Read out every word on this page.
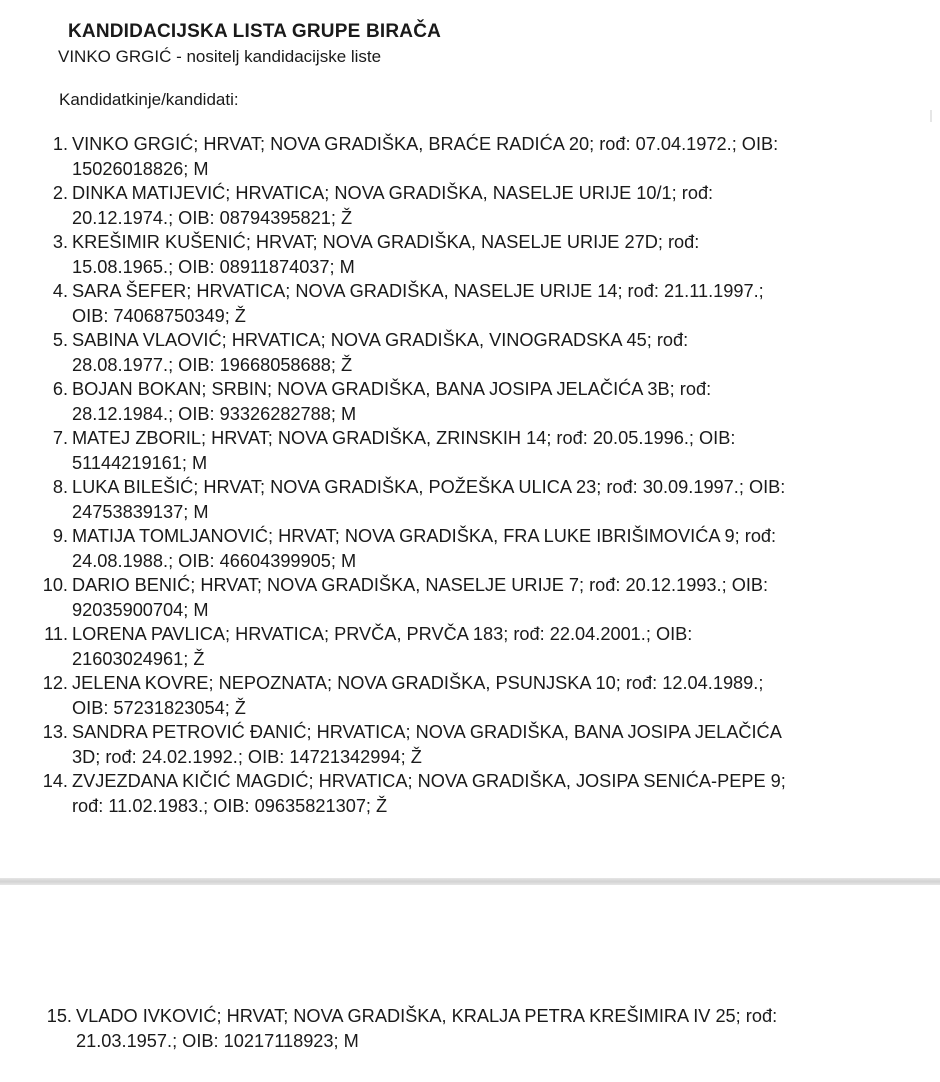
KANDIDACIJSKA LISTA GRUPE BIRAČA

VINKO GRGIĆ - nositelj kandidacijske liste

Kandidatkinje/kandidati:

1. VINKO GRGIĆ; HRVAT; NOVA GRADIŠKA, BRAĆE RADIĆA 20; rođ: 07.04.1972.; OIB:
15026018826; M
2. DINKA MATIJEVIĆ; HRVATICA; NOVA GRADIŠKA, NASELJE URIJE 10/1; rođ:
20.12.1974.; OIB: 08794395821; Ž
3. KREŠIMIR KUŠENIĆ; HRVAT; NOVA GRADIŠKA, NASELJE URIJE 27D; rođ:
15.08.1965.; OIB: 08911874037; M
4. SARA ŠEFER; HRVATICA; NOVA GRADIŠKA, NASELJE URIJE 14; rođ: 21.11.1997.;
OIB: 74068750349; Ž
5. SABINA VLAOVIĆ; HRVATICA; NOVA GRADIŠKA, VINOGRADSKA 45; rođ:
28.08.1977.; OIB: 19668058688; Ž
6. BOJAN BOKAN; SRBIN; NOVA GRADIŠKA, BANA JOSIPA JELAČIĆA 3B; rođ:
28.12.1984.; OIB: 93326282788; M
7. MATEJ ZBORIL; HRVAT; NOVA GRADIŠKA, ZRINSKIH 14; rođ: 20.05.1996.; OIB:
51144219161; M
8. LUKA BILEŠIĆ; HRVAT; NOVA GRADIŠKA, POŽEŠKA ULICA 23; rođ: 30.09.1997.; OIB:
24753839137; M
9. MATIJA TOMLJANOVIĆ; HRVAT; NOVA GRADIŠKA, FRA LUKE IBRIŠIMOVIĆA 9; rođ:
24.08.1988.; OIB: 46604399905; M
10. DARIO BENIĆ; HRVAT; NOVA GRADIŠKA, NASELJE URIJE 7; rođ: 20.12.1993.; OIB:
92035900704; M
11. LORENA PAVLICA; HRVATICA; PRVČA, PRVČA 183; rođ: 22.04.2001.; OIB:
21603024961; Ž
12. JELENA KOVRE; NEPOZNATA; NOVA GRADIŠKA, PSUNJSKA 10; rođ: 12.04.1989.;
OIB: 57231823054; Ž
13. SANDRA PETROVIĆ ĐANIĆ; HRVATICA; NOVA GRADIŠKA, BANA JOSIPA JELAČIĆA
3D; rođ: 24.02.1992.; OIB: 14721342994; Ž
14. ZVJEZDANA KIČIĆ MAGDIĆ; HRVATICA; NOVA GRADIŠKA, JOSIPA SENIĆA-PEPE 9;
rođ: 11.02.1983.; OIB: 09635821307; Ž
15. VLADO IVKOVIĆ; HRVAT; NOVA GRADIŠKA, KRALJA PETRA KREŠIMIRA IV 25; rođ:
21.03.1957.; OIB: 10217118923; M
